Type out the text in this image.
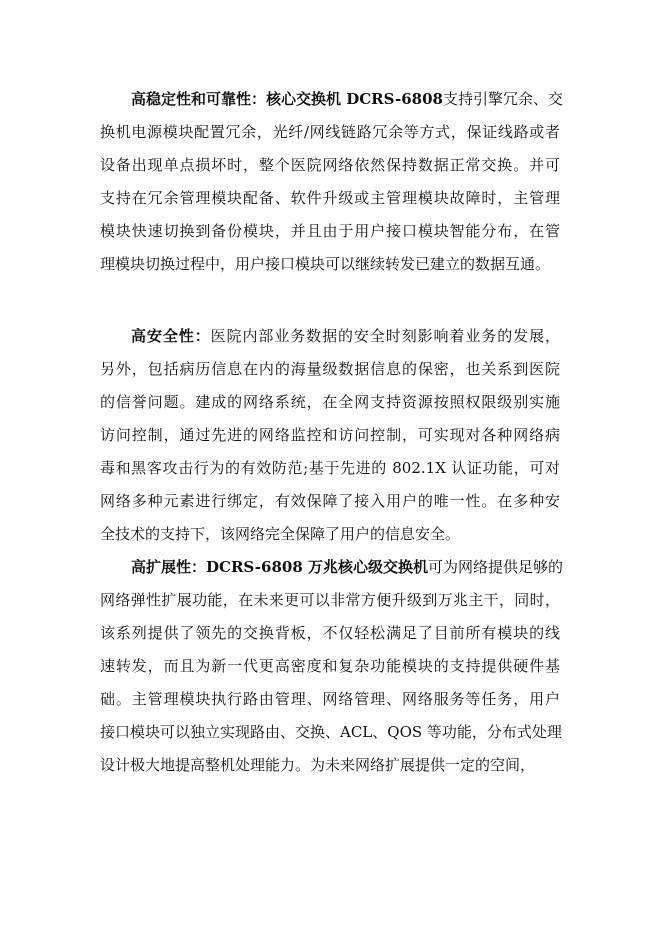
高稳定性和可靠性：核心交换机 DCRS-6808支持引擎冗余、交
换机电源模块配置冗余，光纤/网线链路冗余等方式，保证线路或者
设备出现单点损坏时，整个医院网络依然保持数据正常交换。并可
支持在冗余管理模块配备、软件升级或主管理模块故障时，主管理
模块快速切换到备份模块，并且由于用户接口模块智能分布，在管
理模块切换过程中，用户接口模块可以继续转发已建立的数据互通。
高安全性：医院内部业务数据的安全时刻影响着业务的发展，
另外，包括病历信息在内的海量级数据信息的保密，也关系到医院
的信誉问题。建成的网络系统，在全网支持资源按照权限级别实施
访问控制，通过先进的网络监控和访问控制，可实现对各种网络病
毒和黑客攻击行为的有效防范;基于先进的 802.1X 认证功能，可对
网络多种元素进行绑定，有效保障了接入用户的唯一性。在多种安
全技术的支持下，该网络完全保障了用户的信息安全。
高扩展性：DCRS-6808 万兆核心级交换机可为网络提供足够的
网络弹性扩展功能，在未来更可以非常方便升级到万兆主干，同时，
该系列提供了领先的交换背板，不仅轻松满足了目前所有模块的线
速转发，而且为新一代更高密度和复杂功能模块的支持提供硬件基
础。主管理模块执行路由管理、网络管理、网络服务等任务，用户
接口模块可以独立实现路由、交换、ACL、QOS 等功能，分布式处理
设计极大地提高整机处理能力。为未来网络扩展提供一定的空间，
